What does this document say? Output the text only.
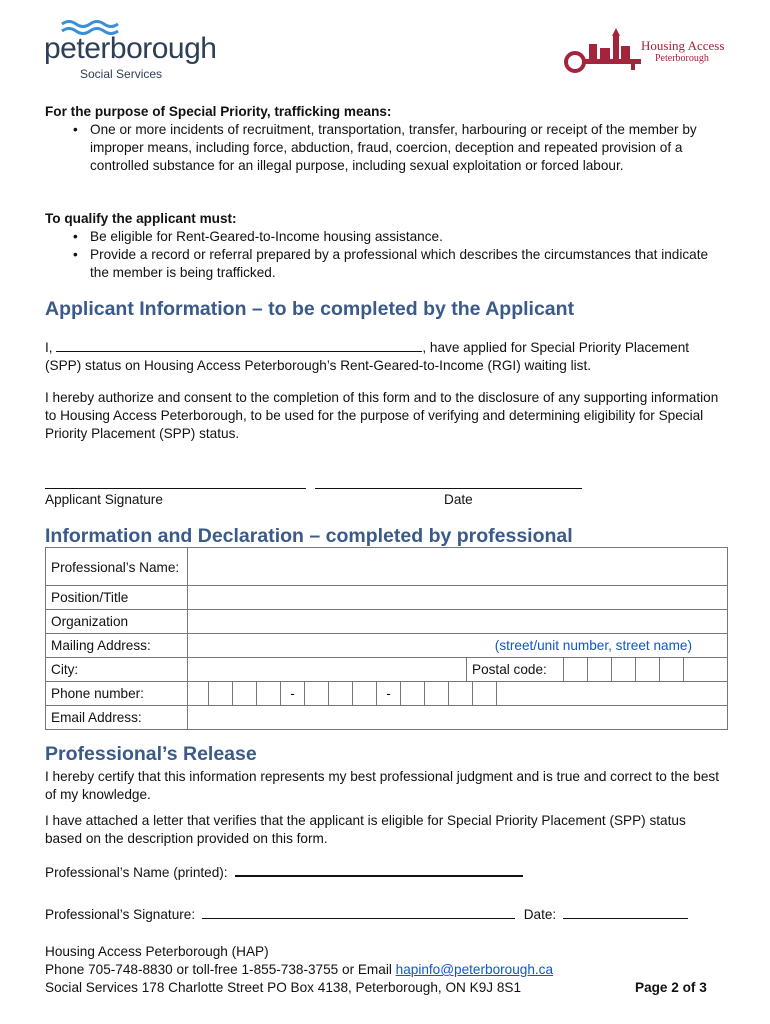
peterborough
Social Services
Housing Access
Peterborough
For the purpose of Special Priority, trafficking means:
• One or more incidents of recruitment, transportation, transfer, harbouring or receipt of the member by improper means, including force, abduction, fraud, coercion, deception and repeated provision of a controlled substance for an illegal purpose, including sexual exploitation or forced labour.
To qualify the applicant must:
• Be eligible for Rent-Geared-to-Income housing assistance.
• Provide a record or referral prepared by a professional which describes the circumstances that indicate the member is being trafficked.
Applicant Information – to be completed by the Applicant
I,	, have applied for Special Priority Placement (SPP) status on Housing Access Peterborough’s Rent-Geared-to-Income (RGI) waiting list.
I hereby authorize and consent to the completion of this form and to the disclosure of any supporting information to Housing Access Peterborough, to be used for the purpose of verifying and determining eligibility for Special Priority Placement (SPP) status.
Applicant Signature	Date
Information and Declaration – completed by professional
Professional’s Name:		
Position/Title		
Organization		
Mailing Address:	(street/unit number, street name)	
City:		Postal code:

Phone number:	- -	

Email Address:		
Professional’s Release
I hereby certify that this information represents my best professional judgment and is true and correct to the best of my knowledge.
I have attached a letter that verifies that the applicant is eligible for Special Priority Placement (SPP) status based on the description provided on this form.
Professional’s Name (printed):
Professional’s Signature:	Date:
Housing Access Peterborough (HAP)
Phone 705-748-8830 or toll-free 1-855-738-3755 or Email hapinfo@peterborough.ca
Social Services 178 Charlotte Street PO Box 4138, Peterborough, ON K9J 8S1	Page 2 of 3
